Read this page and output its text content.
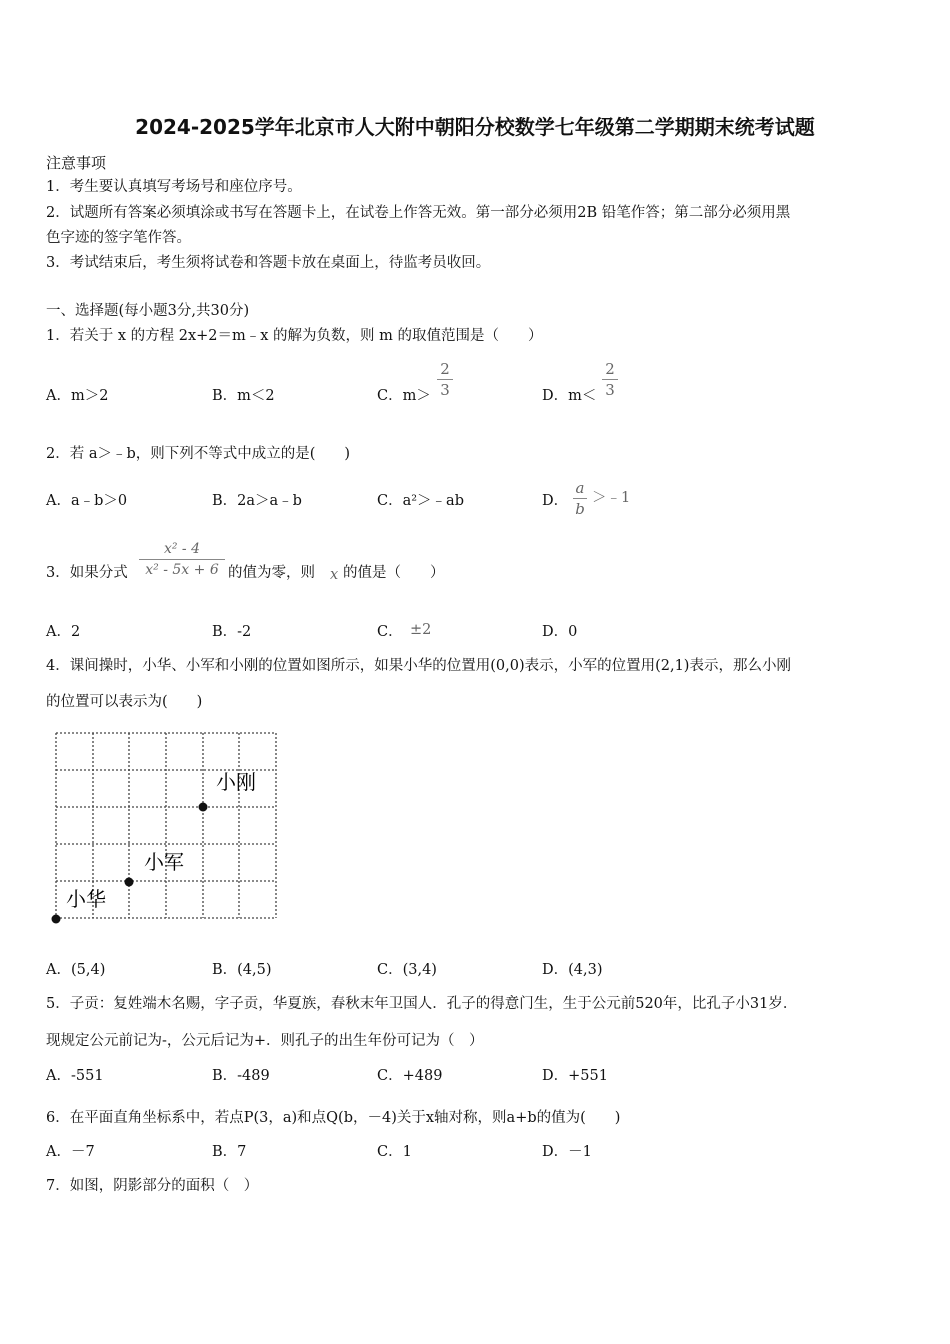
2024-2025学年北京市人大附中朝阳分校数学七年级第二学期期末统考试题
注意事项
1．考生要认真填写考场号和座位序号。
2．试题所有答案必须填涂或书写在答题卡上，在试卷上作答无效。第一部分必须用2B 铅笔作答；第二部分必须用黑
色字迹的签字笔作答。
3．考试结束后，考生须将试卷和答题卡放在桌面上，待监考员收回。
一、选择题(每小题3分,共30分)
1．若关于 x 的方程 2x+2＝m﹣x 的解为负数，则 m 的取值范围是（　　）
A．m＞2	B．m＜2	C．m＞
2
3	D．m＜
2
3
2．若 a＞﹣b，则下列不等式中成立的是(　　)
A．a﹣b＞0	B．2a＞a﹣b	C．a²＞﹣ab	D．
a
b
＞﹣1
3．如果分式
x² - 4
x² - 5x + 6 的值为零，则 x 的值是（　　）
A．2	B．-2	C． ±2	D．0
4．课间操时，小华、小军和小刚的位置如图所示，如果小华的位置用(0,0)表示，小军的位置用(2,1)表示，那么小刚
的位置可以表示为(　　)
小刚
小军
小华
A．(5,4)	B．(4,5)	C．(3,4)	D．(4,3)
5．子贡：复姓端木名赐，字子贡，华夏族，春秋末年卫国人．孔子的得意门生，生于公元前520年，比孔子小31岁．
现规定公元前记为-，公元后记为+．则孔子的出生年份可记为（　）
A．-551	B．-489	C．+489	D．+551
6．在平面直角坐标系中，若点P(3，a)和点Q(b，－4)关于x轴对称，则a+b的值为(　　)
A．－7	B．7	C．1	D．－1
7．如图，阴影部分的面积（　）
